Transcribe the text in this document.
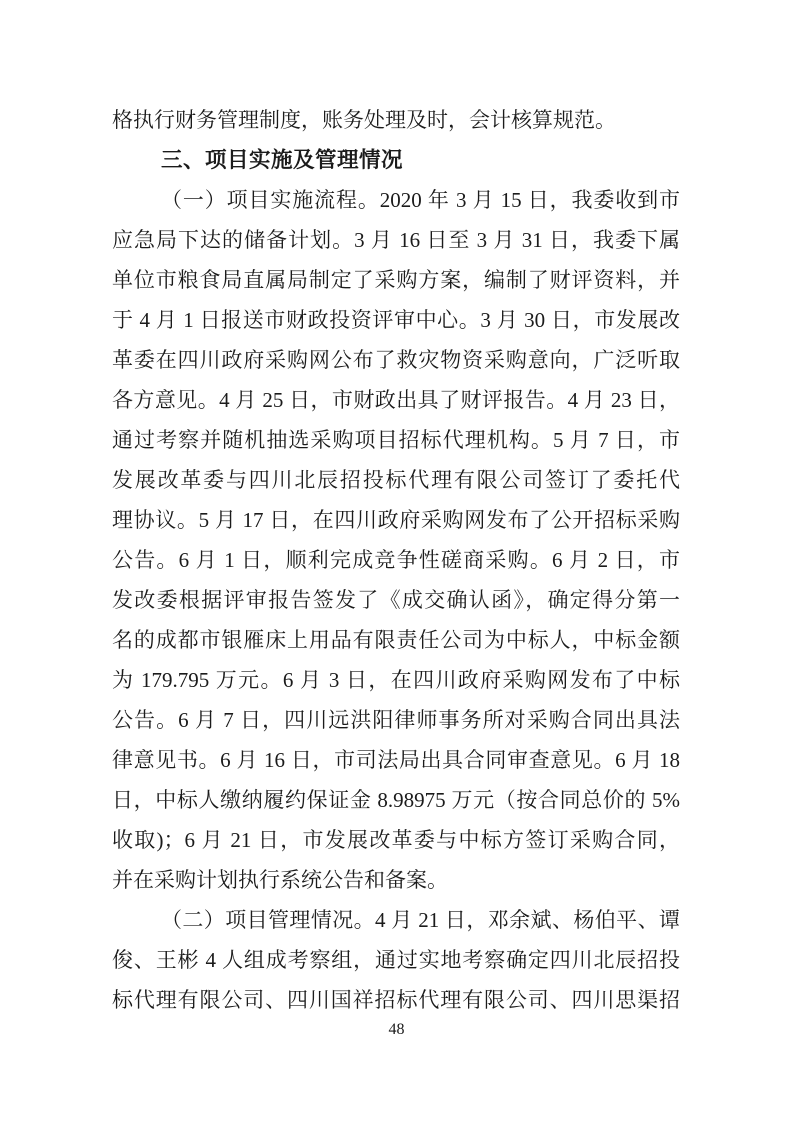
格执行财务管理制度，账务处理及时，会计核算规范。
三、项目实施及管理情况
（一）项目实施流程。2020 年 3 月 15 日，我委收到市
应急局下达的储备计划。3 月 16 日至 3 月 31 日，我委下属
单位市粮食局直属局制定了采购方案，编制了财评资料，并
于 4 月 1 日报送市财政投资评审中心。3 月 30 日，市发展改
革委在四川政府采购网公布了救灾物资采购意向，广泛听取
各方意见。4 月 25 日，市财政出具了财评报告。4 月 23 日，
通过考察并随机抽选采购项目招标代理机构。5 月 7 日，市
发展改革委与四川北辰招投标代理有限公司签订了委托代
理协议。5 月 17 日，在四川政府采购网发布了公开招标采购
公告。6 月 1 日，顺利完成竞争性磋商采购。6 月 2 日，市
发改委根据评审报告签发了《成交确认函》，确定得分第一
名的成都市银雁床上用品有限责任公司为中标人，中标金额
为 179.795 万元。6 月 3 日，在四川政府采购网发布了中标
公告。6 月 7 日，四川远洪阳律师事务所对采购合同出具法
律意见书。6 月 16 日，市司法局出具合同审查意见。6 月 18
日，中标人缴纳履约保证金 8.98975 万元（按合同总价的 5%
收取)；6 月 21 日，市发展改革委与中标方签订采购合同，
并在采购计划执行系统公告和备案。
（二）项目管理情况。4 月 21 日，邓余斌、杨伯平、谭
俊、王彬 4 人组成考察组，通过实地考察确定四川北辰招投
标代理有限公司、四川国祥招标代理有限公司、四川思渠招
48
